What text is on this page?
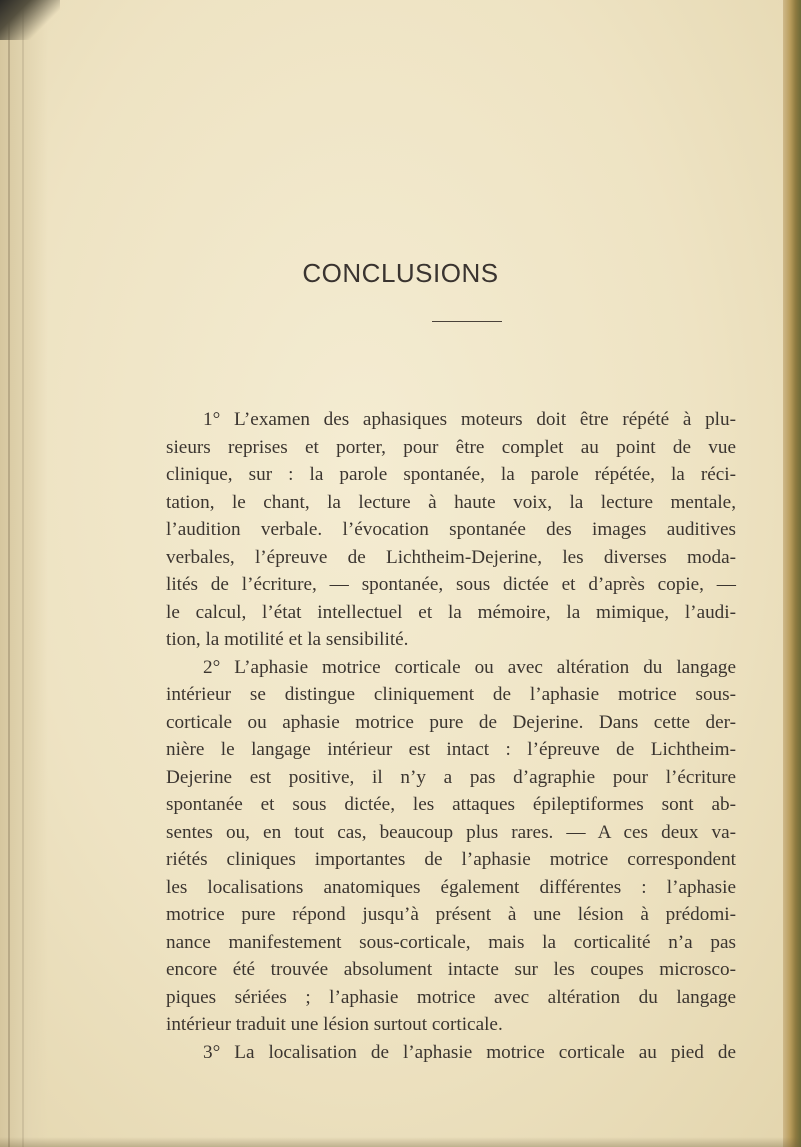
CONCLUSIONS
1° L’examen des aphasiques moteurs doit être répété à plu-
sieurs reprises et porter, pour être complet au point de vue
clinique, sur : la parole spontanée, la parole répétée, la réci-
tation, le chant, la lecture à haute voix, la lecture mentale,
l’audition verbale. l’évocation spontanée des images auditives
verbales, l’épreuve de Lichtheim-Dejerine, les diverses moda-
lités de l’écriture, — spontanée, sous dictée et d’après copie, —
le calcul, l’état intellectuel et la mémoire, la mimique, l’audi-
tion, la motilité et la sensibilité.
2° L’aphasie motrice corticale ou avec altération du langage
intérieur se distingue cliniquement de l’aphasie motrice sous-
corticale ou aphasie motrice pure de Dejerine. Dans cette der-
nière le langage intérieur est intact : l’épreuve de Lichtheim-
Dejerine est positive, il n’y a pas d’agraphie pour l’écriture
spontanée et sous dictée, les attaques épileptiformes sont ab-
sentes ou, en tout cas, beaucoup plus rares. — A ces deux va-
riétés cliniques importantes de l’aphasie motrice correspondent
les localisations anatomiques également différentes : l’aphasie
motrice pure répond jusqu’à présent à une lésion à prédomi-
nance manifestement sous-corticale, mais la corticalité n’a pas
encore été trouvée absolument intacte sur les coupes microsco-
piques sériées ; l’aphasie motrice avec altération du langage
intérieur traduit une lésion surtout corticale.
3° La localisation de l’aphasie motrice corticale au pied de
